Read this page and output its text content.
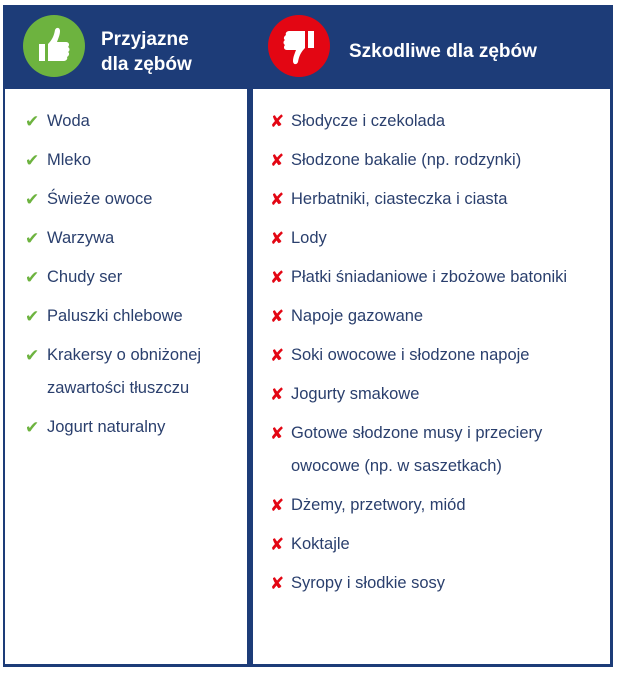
Przyjazne
dla zębów
✔ Woda
✔ Mleko
✔ Świeże owoce
✔ Warzywa
✔ Chudy ser
✔ Paluszki chlebowe
✔ Krakersy o obniżonej zawartości tłuszczu
✔ Jogurt naturalny
Szkodliwe dla zębów
✘ Słodycze i czekolada
✘ Słodzone bakalie (np. rodzynki)
✘ Herbatniki, ciasteczka i ciasta
✘ Lody
✘ Płatki śniadaniowe i zbożowe batoniki
✘ Napoje gazowane
✘ Soki owocowe i słodzone napoje
✘ Jogurty smakowe
✘ Gotowe słodzone musy i przeciery owocowe (np. w saszetkach)
✘ Dżemy, przetwory, miód
✘ Koktajle
✘ Syropy i słodkie sosy
